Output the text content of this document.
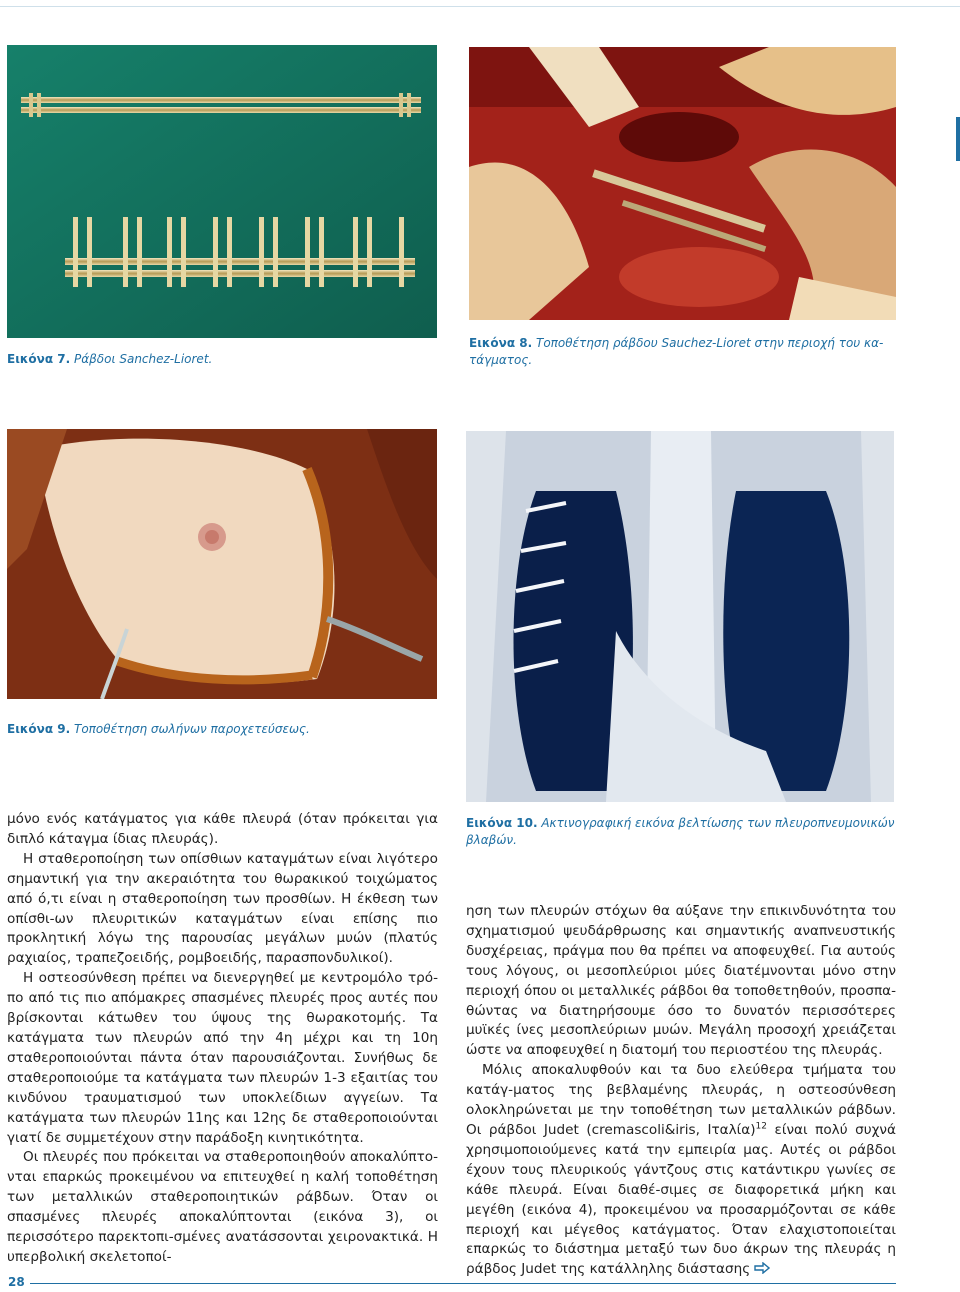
Εικόνα 7. Ράβδοι Sanchez-Lioret.
Εικόνα 8. Τοποθέτηση ράβδου Sauchez-Lioret στην περιοχή του κα-
τάγματος.
Εικόνα 9. Τοποθέτηση σωλήνων παροχετεύσεως.
Εικόνα 10. Ακτινογραφική εικόνα βελτίωσης των πλευροπνευμονικών
βλαβών.

μόνο ενός κατάγματος για κάθε πλευρά (όταν πρόκειται για διπλό κάταγμα ίδιας πλευράς).

Η σταθεροποίηση των οπίσθιων καταγμάτων είναι λιγότερο σημαντική για την ακεραιότητα του θωρακικού τοιχώματος από ό,τι είναι η σταθεροποίηση των προσθίων. Η έκθεση των οπίσθι-ων πλευριτικών καταγμάτων είναι επίσης πιο προκλητική λόγω της παρουσίας μεγάλων μυών (πλατύς ραχιαίος, τραπεζοειδής, ρομβοειδής, παρασπονδυλικοί).

Η οστεοσύνθεση πρέπει να διενεργηθεί με κεντρομόλο τρό-πο από τις πιο απόμακρες σπασμένες πλευρές προς αυτές που βρίσκονται κάτωθεν του ύψους της θωρακοτομής. Τα κατάγματα των πλευρών από την 4η μέχρι και τη 10η σταθεροποιούνται πάντα όταν παρουσιάζονται. Συνήθως δε σταθεροποιούμε τα κατάγματα των πλευρών 1-3 εξαιτίας του κινδύνου τραυματισμού των υποκλείδιων αγγείων. Τα κατάγματα των πλευρών 11ης και 12ης δε σταθεροποιούνται γιατί δε συμμετέχουν στην παράδοξη κινητικότητα.

Οι πλευρές που πρόκειται να σταθεροποιηθούν αποκαλύπτο-νται επαρκώς προκειμένου να επιτευχθεί η καλή τοποθέτηση των μεταλλικών σταθεροποιητικών ράβδων. Όταν οι σπασμένες πλευρές αποκαλύπτονται (εικόνα 3), οι περισσότερο παρεκτοπι-σμένες ανατάσσονται χειρονακτικά. Η υπερβολική σκελετοποί-

ηση των πλευρών στόχων θα αύξανε την επικινδυνότητα του σχηματισμού ψευδάρθρωσης και σημαντικής αναπνευστικής δυσχέρειας, πράγμα που θα πρέπει να αποφευχθεί. Για αυτούς τους λόγους, οι μεσοπλεύριοι μύες διατέμνονται μόνο στην περιοχή όπου οι μεταλλικές ράβδοι θα τοποθετηθούν, προσπα-θώντας να διατηρήσουμε όσο το δυνατόν περισσότερες μυϊκές ίνες μεσοπλεύριων μυών. Μεγάλη προσοχή χρειάζεται ώστε να αποφευχθεί η διατομή του περιοστέου της πλευράς.

Μόλις αποκαλυφθούν και τα δυο ελεύθερα τμήματα του κατάγ-ματος της βεβλαμένης πλευράς, η οστεοσύνθεση ολοκληρώνεται με την τοποθέτηση των μεταλλικών ράβδων. Οι ράβδοι Judet (cremascoli&iris, Ιταλία)$^{12}$ είναι πολύ συχνά χρησιμοποιούμενες κατά την εμπειρία μας. Αυτές οι ράβδοι έχουν τους πλευρικούς γάντζους στις κατάντικρυ γωνίες σε κάθε πλευρά. Είναι διαθέ-σιμες σε διαφορετικά μήκη και μεγέθη (εικόνα 4), προκειμένου να προσαρμόζονται σε κάθε περιοχή και μέγεθος κατάγματος. Όταν ελαχιστοποιείται επαρκώς το διάστημα μεταξύ των δυο άκρων της πλευράς η ράβδος Judet της κατάλληλης διάστασης

28
